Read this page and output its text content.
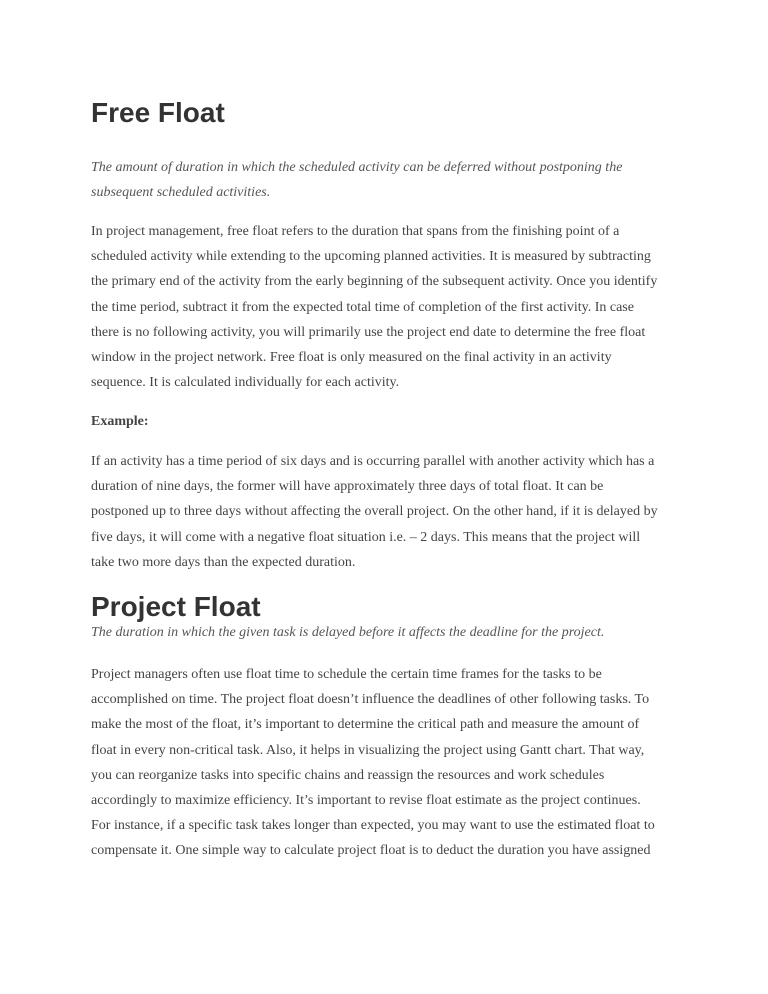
Free Float
The amount of duration in which the scheduled activity can be deferred without postponing the
subsequent scheduled activities.
In project management, free float refers to the duration that spans from the finishing point of a
scheduled activity while extending to the upcoming planned activities. It is measured by subtracting
the primary end of the activity from the early beginning of the subsequent activity. Once you identify
the time period, subtract it from the expected total time of completion of the first activity. In case
there is no following activity, you will primarily use the project end date to determine the free float
window in the project network. Free float is only measured on the final activity in an activity
sequence. It is calculated individually for each activity.
Example:
If an activity has a time period of six days and is occurring parallel with another activity which has a
duration of nine days, the former will have approximately three days of total float. It can be
postponed up to three days without affecting the overall project. On the other hand, if it is delayed by
five days, it will come with a negative float situation i.e. – 2 days. This means that the project will
take two more days than the expected duration.
Project Float
The duration in which the given task is delayed before it affects the deadline for the project.
Project managers often use float time to schedule the certain time frames for the tasks to be
accomplished on time. The project float doesn’t influence the deadlines of other following tasks. To
make the most of the float, it’s important to determine the critical path and measure the amount of
float in every non-critical task. Also, it helps in visualizing the project using Gantt chart. That way,
you can reorganize tasks into specific chains and reassign the resources and work schedules
accordingly to maximize efficiency. It’s important to revise float estimate as the project continues.
For instance, if a specific task takes longer than expected, you may want to use the estimated float to
compensate it. One simple way to calculate project float is to deduct the duration you have assigned
